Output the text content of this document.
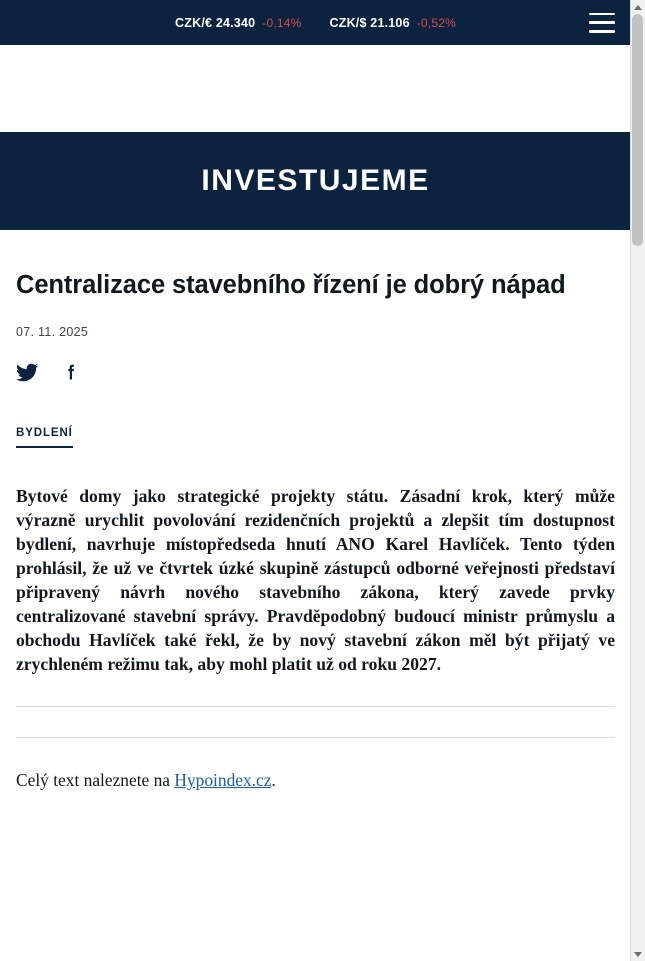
CZK/€ 24.340 -0,14% CZK/$ 21.106 -0,52%
INVESTUJEME
Centralizace stavebního řízení je dobrý nápad
07. 11. 2025
BYDLENÍ

Bytové domy jako strategické projekty státu. Zásadní krok, který může výrazně urychlit povolování rezidenčních projektů a zlepšit tím dostupnost bydlení, navrhuje místopředseda hnutí ANO Karel Havlíček. Tento týden prohlásil, že už ve čtvrtek úzké skupině zástupců odborné veřejnosti představí připravený návrh nového stavebního zákona, který zavede prvky centralizované stavební správy. Pravděpodobný budoucí ministr průmyslu a obchodu Havlíček také řekl, že by nový stavební zákon měl být přijatý ve zrychleném režimu tak, aby mohl platit už od roku 2027.

Celý text naleznete na Hypoindex.cz.
